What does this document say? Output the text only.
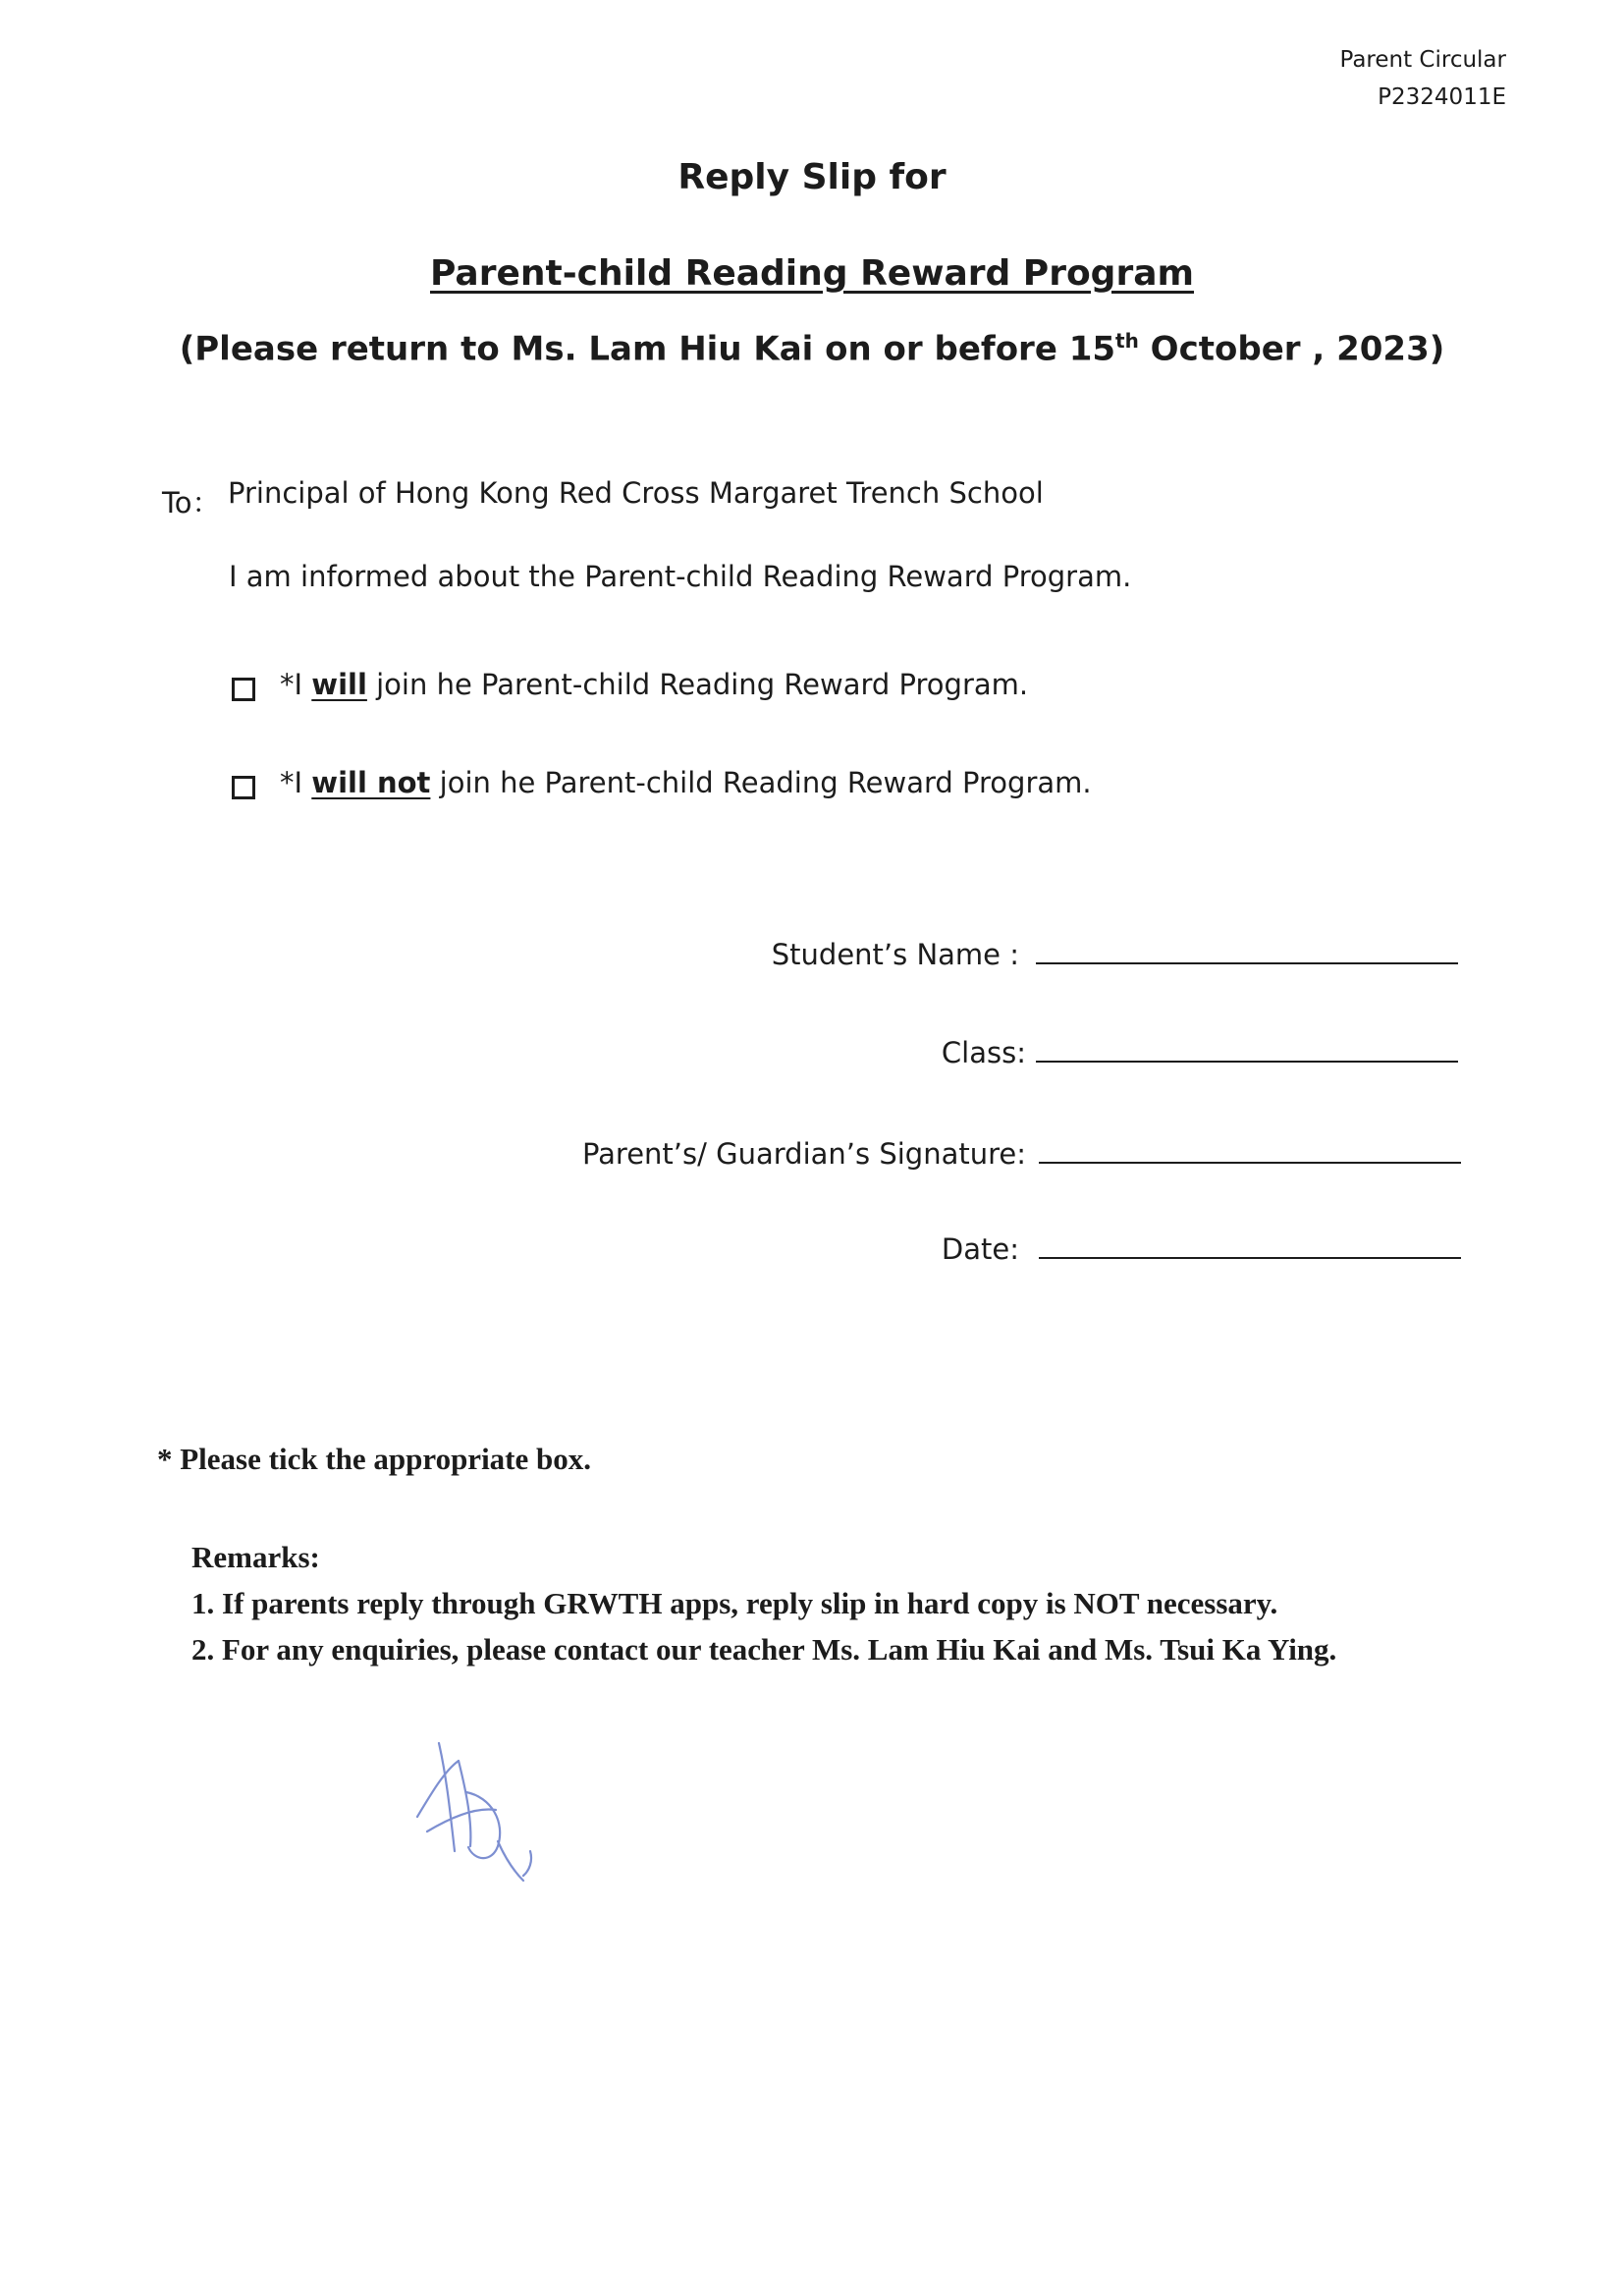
Parent Circular
P2324011E
Reply Slip for
Parent-child Reading Reward Program
(Please return to Ms. Lam Hiu Kai on or before 15th October , 2023)
To： Principal of Hong Kong Red Cross Margaret Trench School
I am informed about the Parent-child Reading Reward Program.
*I will join he Parent-child Reading Reward Program.
*I will not join he Parent-child Reading Reward Program.
Student’s Name :
Class:
Parent’s/ Guardian’s Signature:
Date:
* Please tick the appropriate box.
Remarks:
1. If parents reply through GRWTH apps, reply slip in hard copy is NOT necessary.
2. For any enquiries, please contact our teacher Ms. Lam Hiu Kai and Ms. Tsui Ka Ying.
